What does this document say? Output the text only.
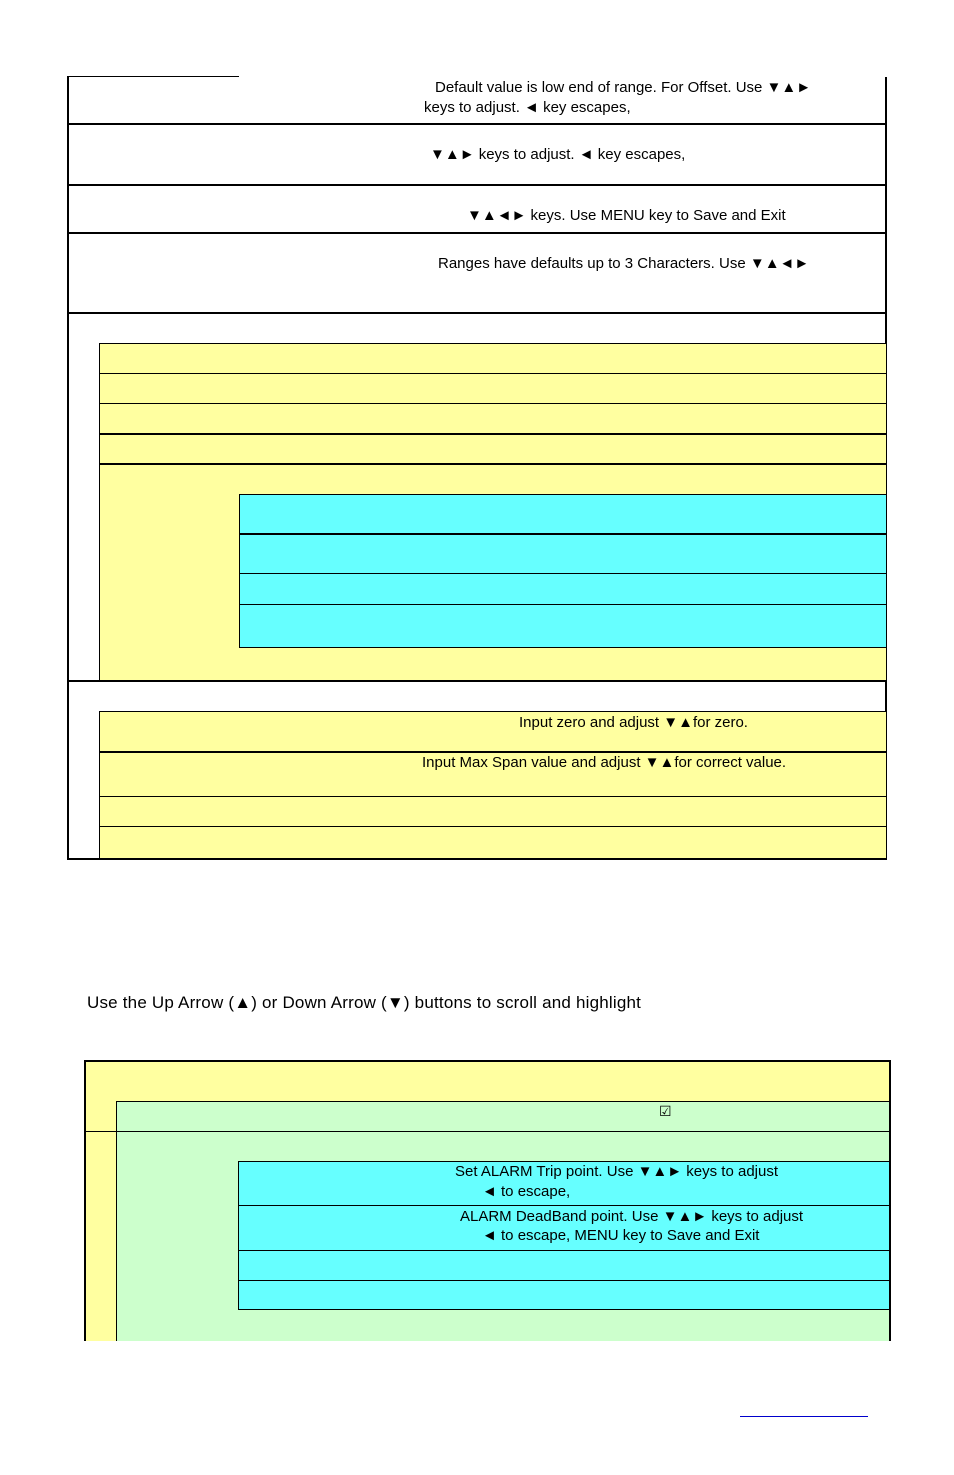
Default value is low end of range. For Offset. Use ▼▲►
keys to adjust. ◄ key escapes,
▼▲► keys to adjust. ◄ key escapes,
▼▲◄► keys. Use MENU key to Save and Exit
Ranges have defaults up to 3 Characters. Use ▼▲◄►
Input zero and adjust ▼▲for zero.
Input Max Span value and adjust ▼▲for correct value.
Use the Up Arrow (▲) or Down Arrow (▼) buttons to scroll and highlight
☑
Set ALARM Trip point. Use ▼▲► keys to adjust
◄ to escape,
ALARM DeadBand point. Use ▼▲► keys to adjust
◄ to escape, MENU key to Save and Exit
